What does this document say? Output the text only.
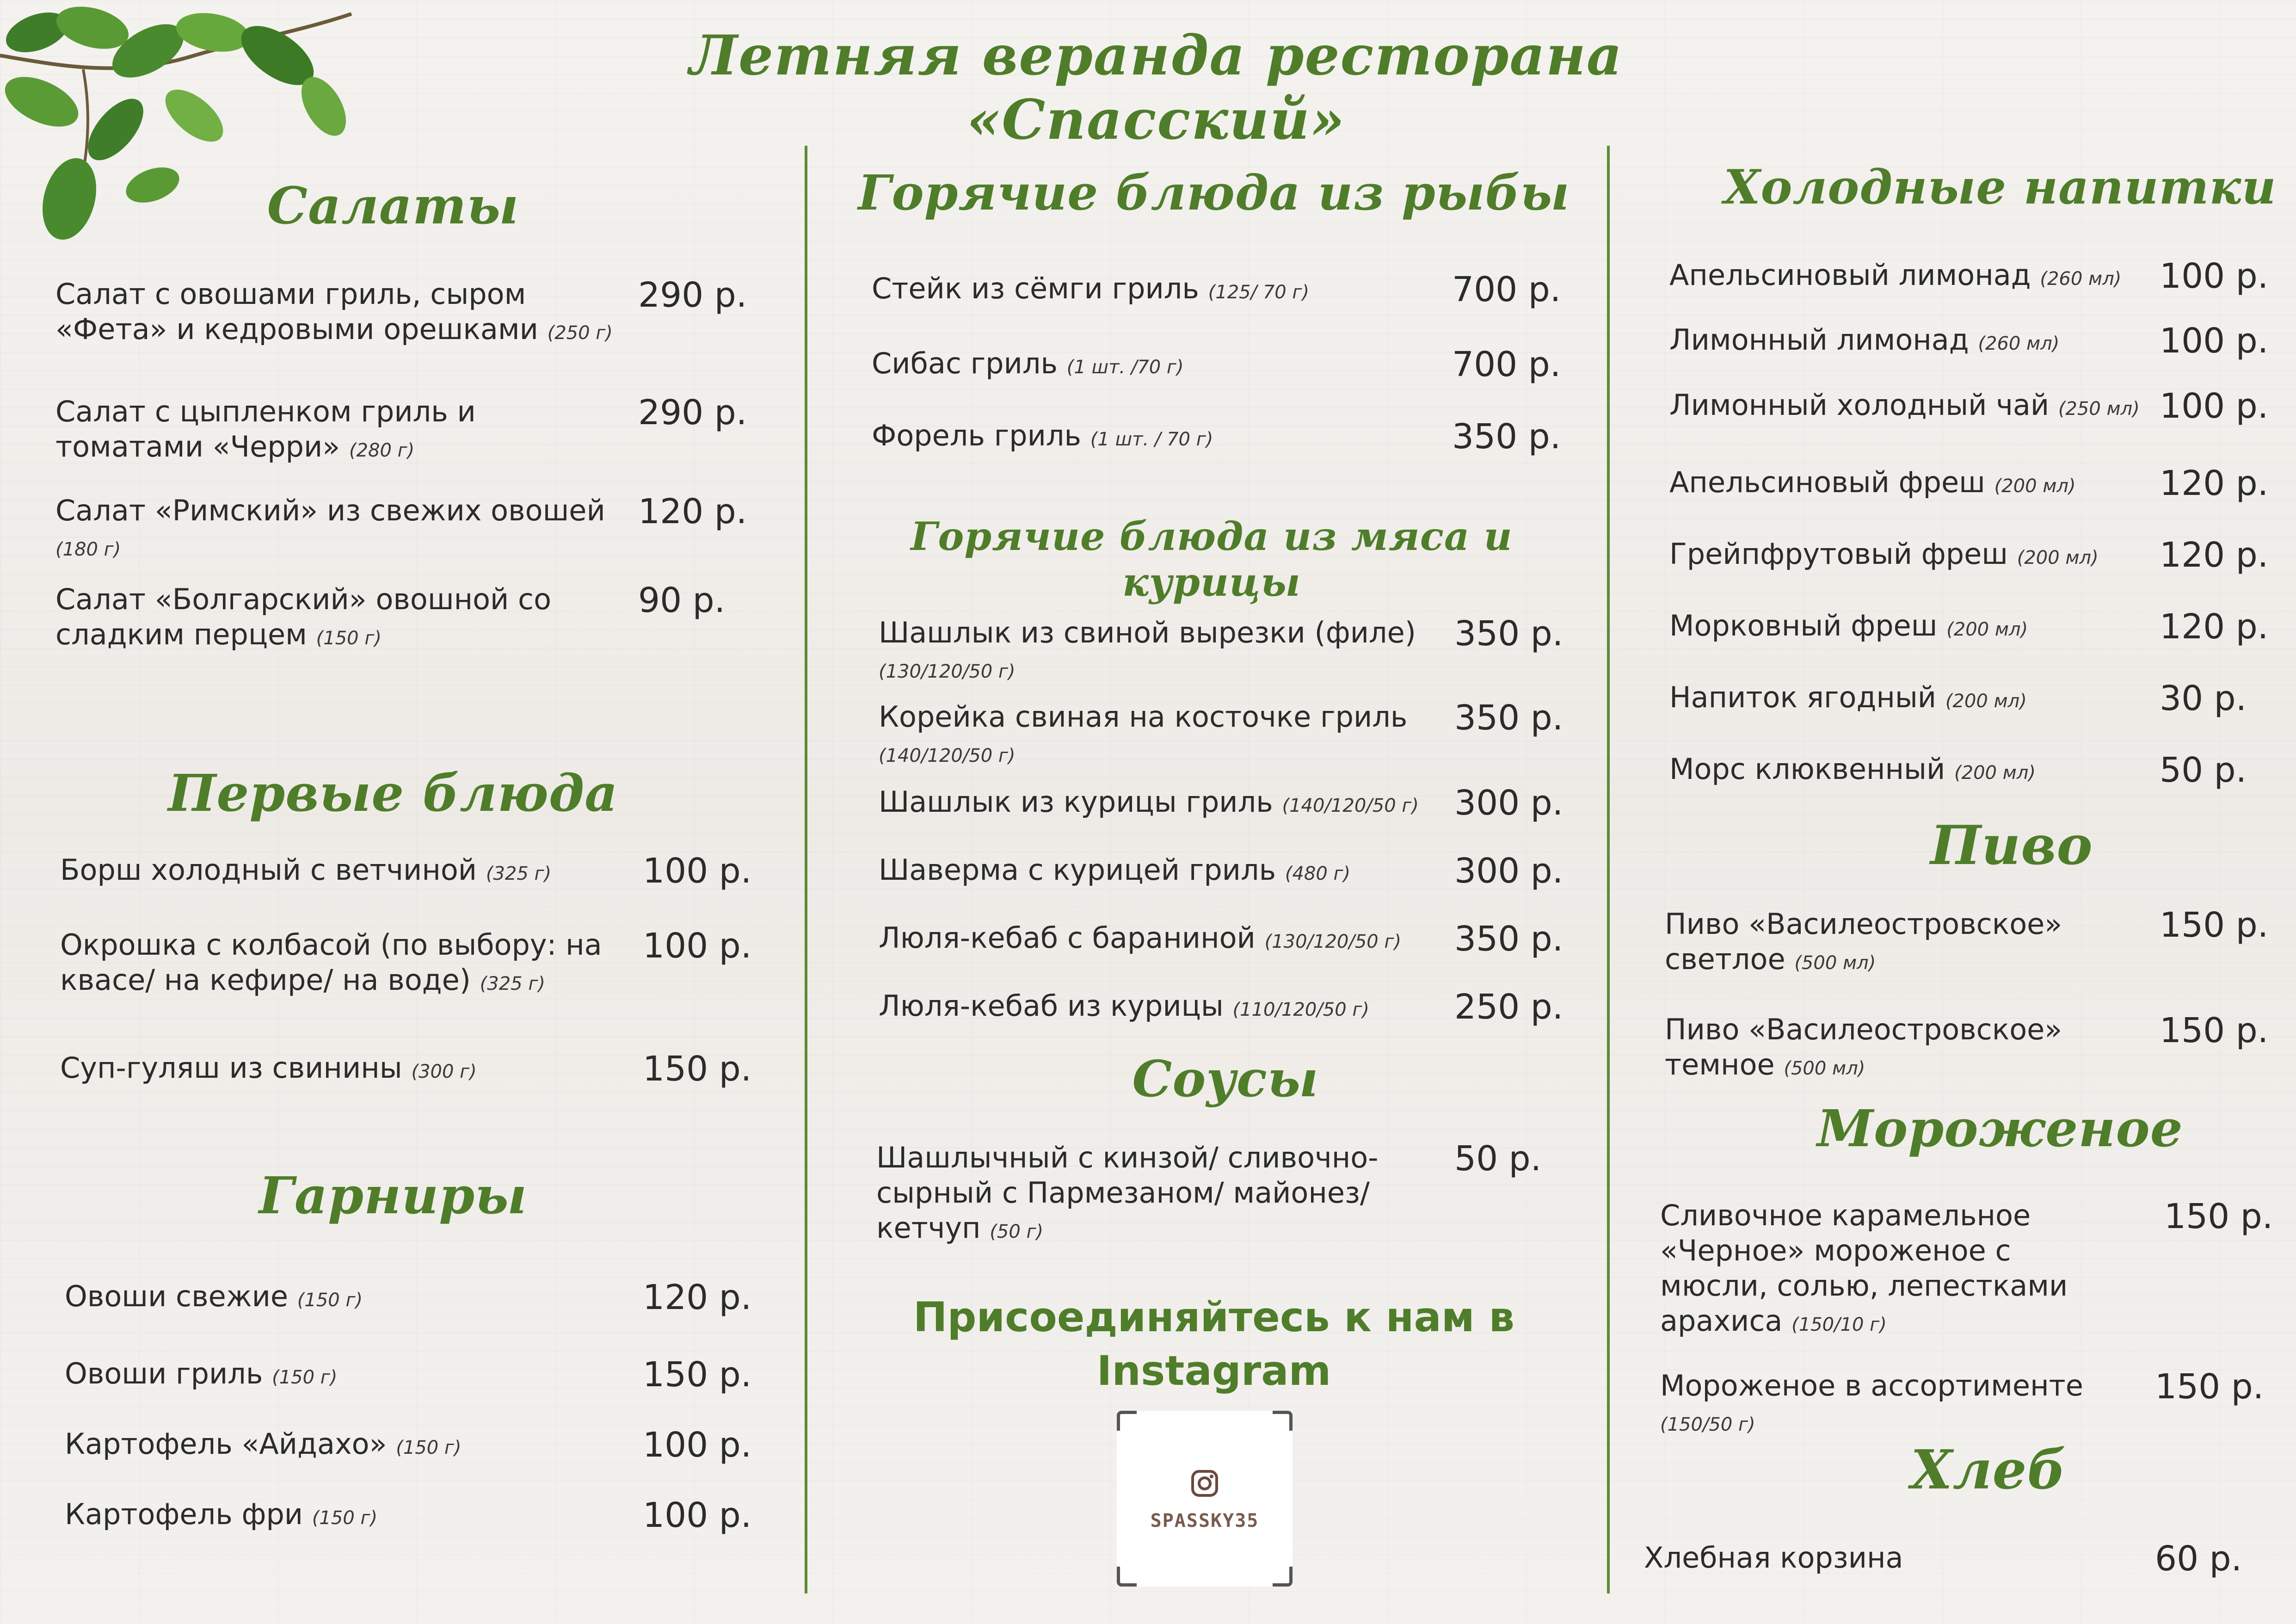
Летняя веранда ресторана «Спасский»
Салаты
Салат с овошами гриль, сыром «Фета» и кедровыми орешками (250 г)
290 р.
Салат с цыпленком гриль и томатами «Черри» (280 г)
290 р.
Салат «Римский» из свежих овошей (180 г)
120 р.
Салат «Болгарский» овошной со сладким перцем (150 г)
90 р.
Первые блюда
Борш холодный с ветчиной (325 г)	100 р.
Окрошка с колбасой (по выбору: на квасе/ на кефире/ на воде) (325 г)
100 р.
Суп-гуляш из свинины (300 г)	150 р.
Гарниры
Овоши свежие (150 г)	120 р.
Овоши гриль (150 г)	150 р.
Картофель «Айдахо» (150 г)	100 р.
Картофель фри (150 г)	100 р.
Горячие блюда из рыбы
Стейк из сёмги гриль (125/ 70 г)	700 р.
Сибас гриль (1 шт. /70 г)	700 р.
Форель гриль (1 шт. / 70 г)	350 р.
Горячие блюда из мяса и курицы
Шашлык из свиной вырезки (филе) (130/120/50 г)
350 р.
Корейка свиная на косточке гриль (140/120/50 г)
350 р.
Шашлык из курицы гриль (140/120/50 г) 300 р.
Шаверма с курицей гриль (480 г)	300 р.
Люля-кебаб с бараниной (130/120/50 г)	350 р.
Люля-кебаб из курицы (110/120/50 г)	250 р.
Соусы
Шашлычный с кинзой/ сливочно-сырный с Пармезаном/ майонез/ кетчуп (50 г)
50 р.
Присоединяйтесь к нам в Instagram
SPASSKY35
Холодные напитки
Апельсиновый лимонад (260 мл)	100 р.
Лимонный лимонад (260 мл)	100 р.
Лимонный холодный чай (250 мл) 100 р.
Апельсиновый фреш (200 мл)	120 р.
Грейпфрутовый фреш (200 мл)	120 р.
Морковный фреш (200 мл)	120 р.
Напиток ягодный (200 мл)	30 р.
Морс клюквенный (200 мл)	50 р.
Пиво
Пиво «Василеостровское» светлое (500 мл)
150 р.
Пиво «Василеостровское» темное (500 мл)
150 р.
Мороженое
Сливочное карамельное «Черное» мороженое с мюсли, солью, лепестками арахиса (150/10 г)
150 р.
Мороженое в ассортименте (150/50 г)
150 р.
Хлеб
Хлебная корзина	60 р.
